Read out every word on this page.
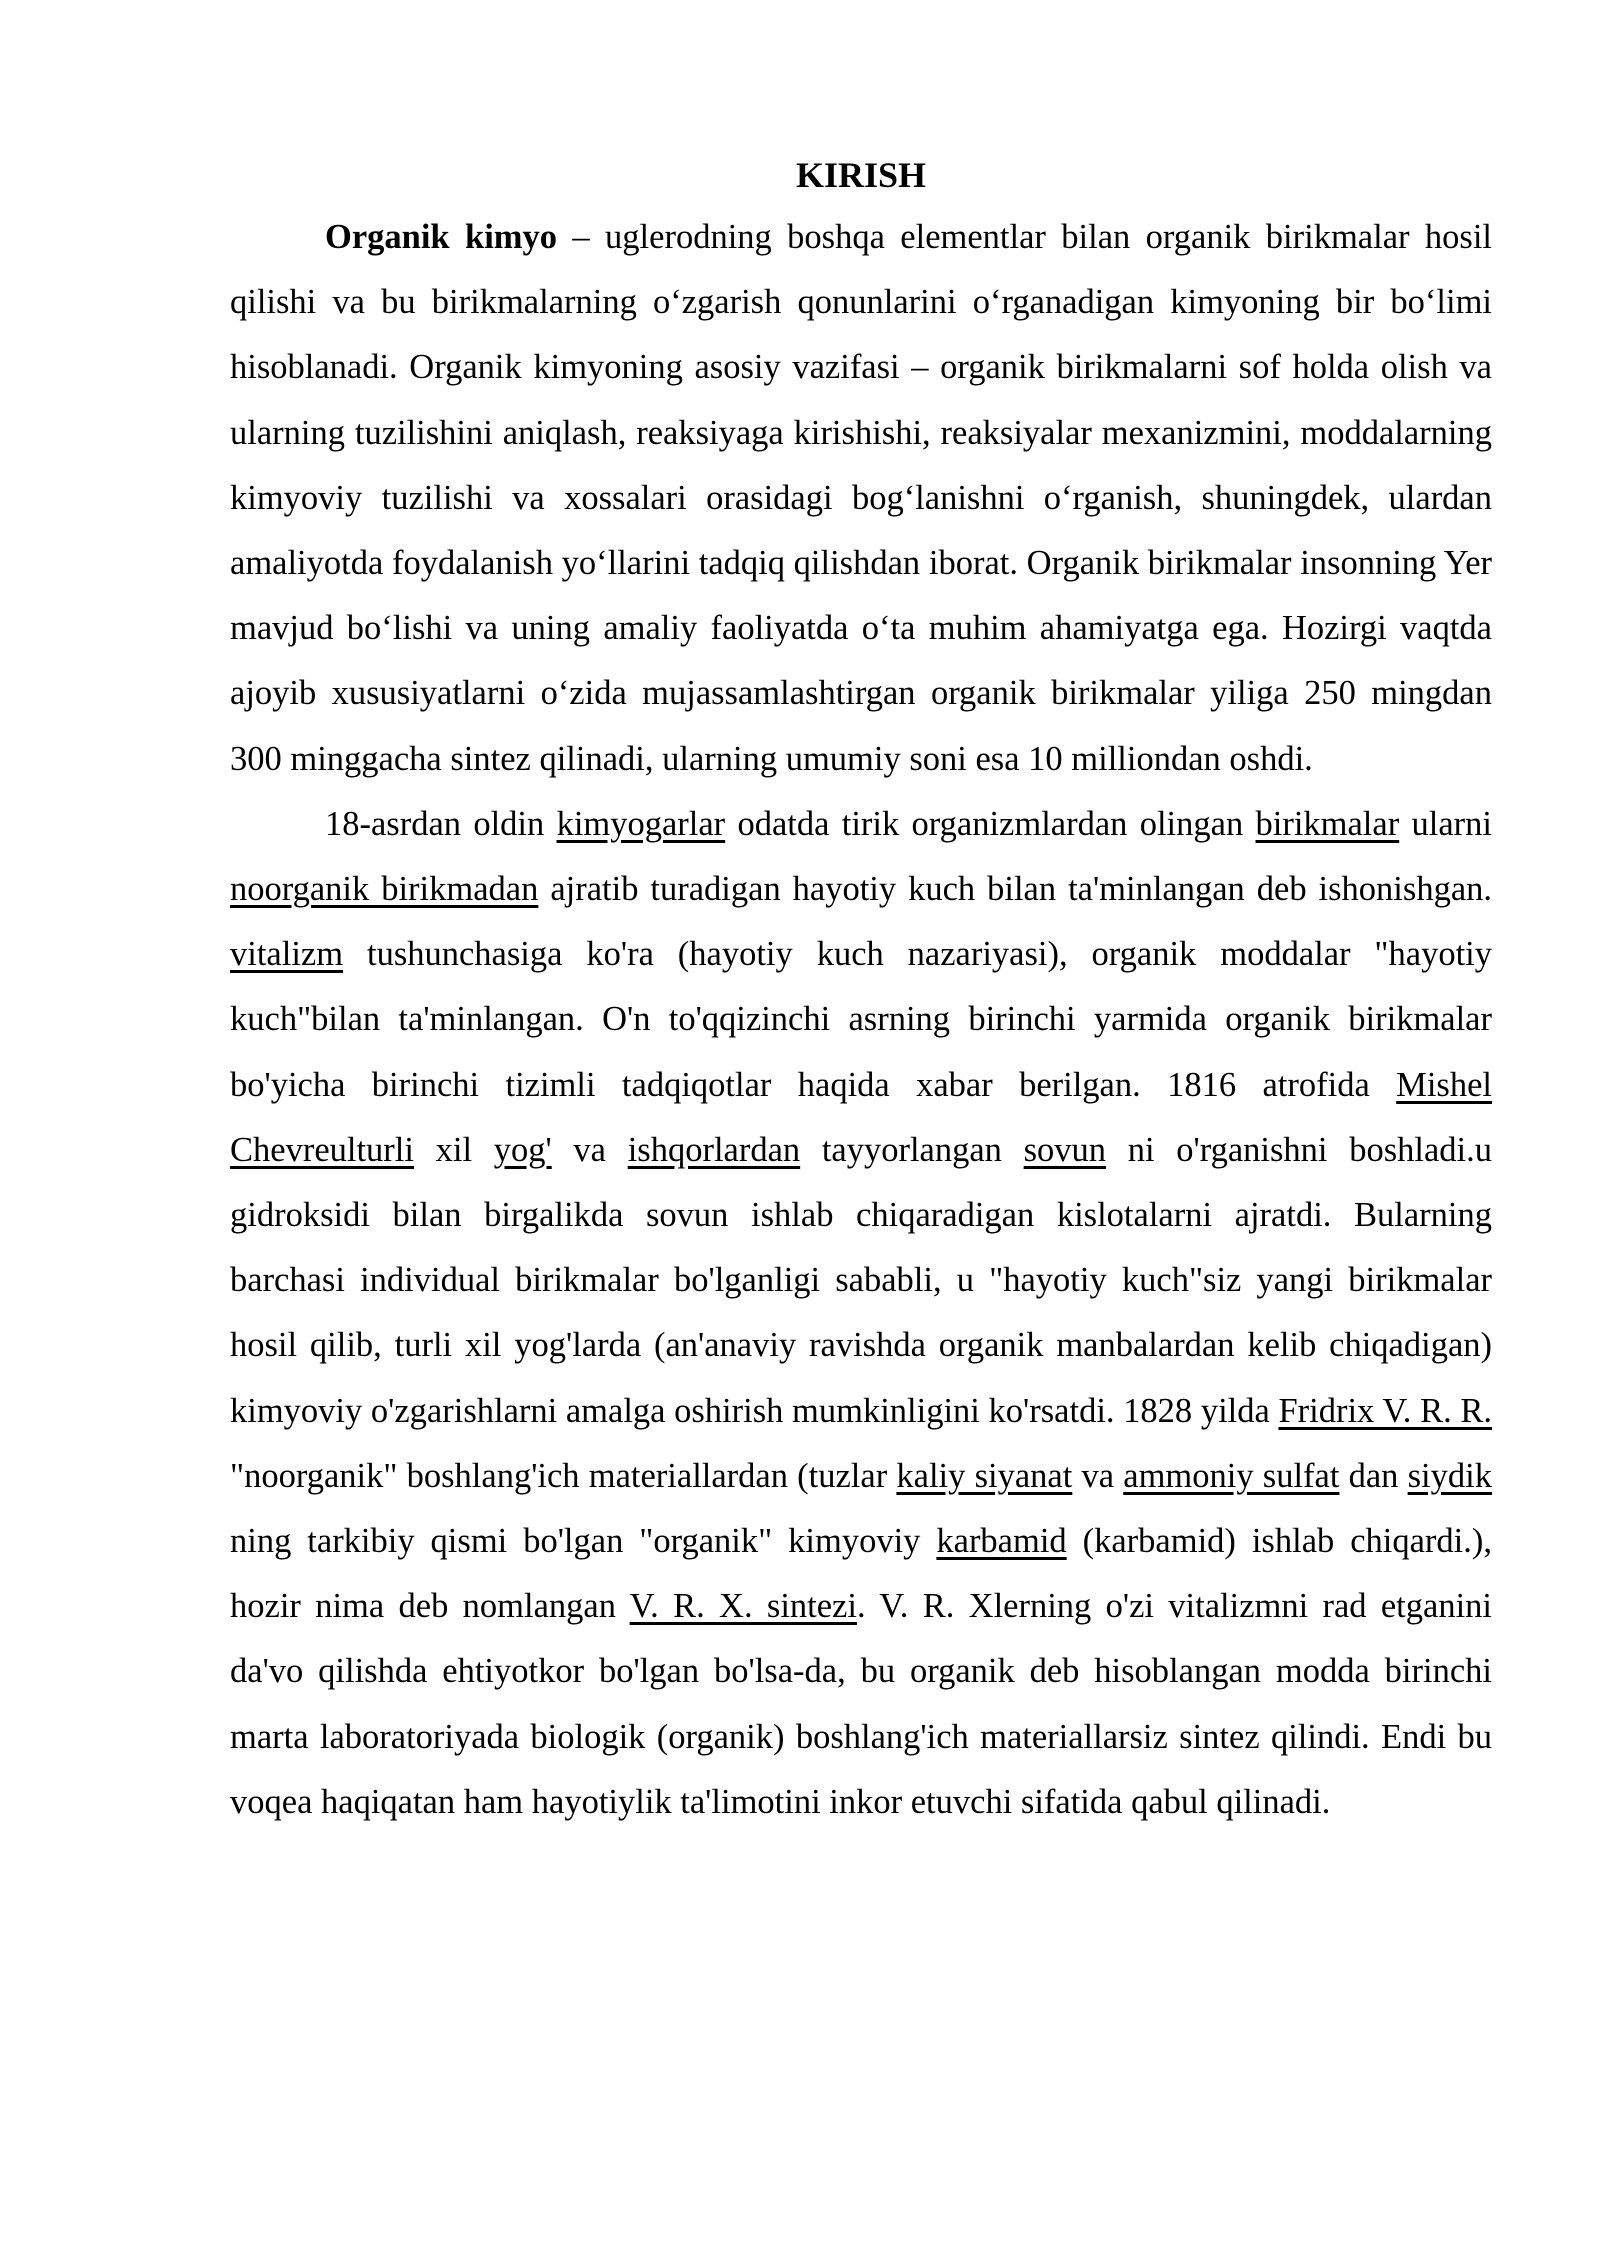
KIRISH

Organik kimyo – uglerodning boshqa elementlar bilan organik birikmalar hosil qilishi va bu birikmalarning o‘zgarish qonunlarini o‘rganadigan kimyoning bir bo‘limi hisoblanadi. Organik kimyoning asosiy vazifasi – organik birikmalarni sof holda olish va ularning tuzilishini aniqlash, reaksiyaga kirishishi, reaksiyalar mexanizmini, moddalarning kimyoviy tuzilishi va xossalari orasidagi bog‘lanishni o‘rganish, shuningdek, ulardan amaliyotda foydalanish yo‘llarini tadqiq qilishdan iborat. Organik birikmalar insonning Yer mavjud bo‘lishi va uning amaliy faoliyatda o‘ta muhim ahamiyatga ega. Hozirgi vaqtda ajoyib xususiyatlarni o‘zida mujassamlashtirgan organik birikmalar yiliga 250 mingdan 300 minggacha sintez qilinadi, ularning umumiy soni esa 10 milliondan oshdi.

18-asrdan oldin kimyogarlar odatda tirik organizmlardan olingan birikmalar ularni noorganik birikmadan ajratib turadigan hayotiy kuch bilan ta'minlangan deb ishonishgan. vitalizm tushunchasiga ko'ra (hayotiy kuch nazariyasi), organik moddalar "hayotiy kuch"bilan ta'minlangan. O'n to'qqizinchi asrning birinchi yarmida organik birikmalar bo'yicha birinchi tizimli tadqiqotlar haqida xabar berilgan. 1816 atrofida Mishel Chevreulturli xil yog' va ishqorlardan tayyorlangan sovun ni o'rganishni boshladi.u gidroksidi bilan birgalikda sovun ishlab chiqaradigan kislotalarni ajratdi. Bularning barchasi individual birikmalar bo'lganligi sababli, u "hayotiy kuch"siz yangi birikmalar hosil qilib, turli xil yog'larda (an'anaviy ravishda organik manbalardan kelib chiqadigan) kimyoviy o'zgarishlarni amalga oshirish mumkinligini ko'rsatdi. 1828 yilda Fridrix V. R. R. "noorganik" boshlang'ich materiallardan (tuzlar kaliy siyanat va ammoniy sulfat dan siydik ning tarkibiy qismi bo'lgan "organik" kimyoviy karbamid (karbamid) ishlab chiqardi.), hozir nima deb nomlangan V. R. X. sintezi. V. R. Xlerning o'zi vitalizmni rad etganini da'vo qilishda ehtiyotkor bo'lgan bo'lsa-da, bu organik deb hisoblangan modda birinchi marta laboratoriyada biologik (organik) boshlang'ich materiallarsiz sintez qilindi. Endi bu voqea haqiqatan ham hayotiylik ta'limotini inkor etuvchi sifatida qabul qilinadi.
